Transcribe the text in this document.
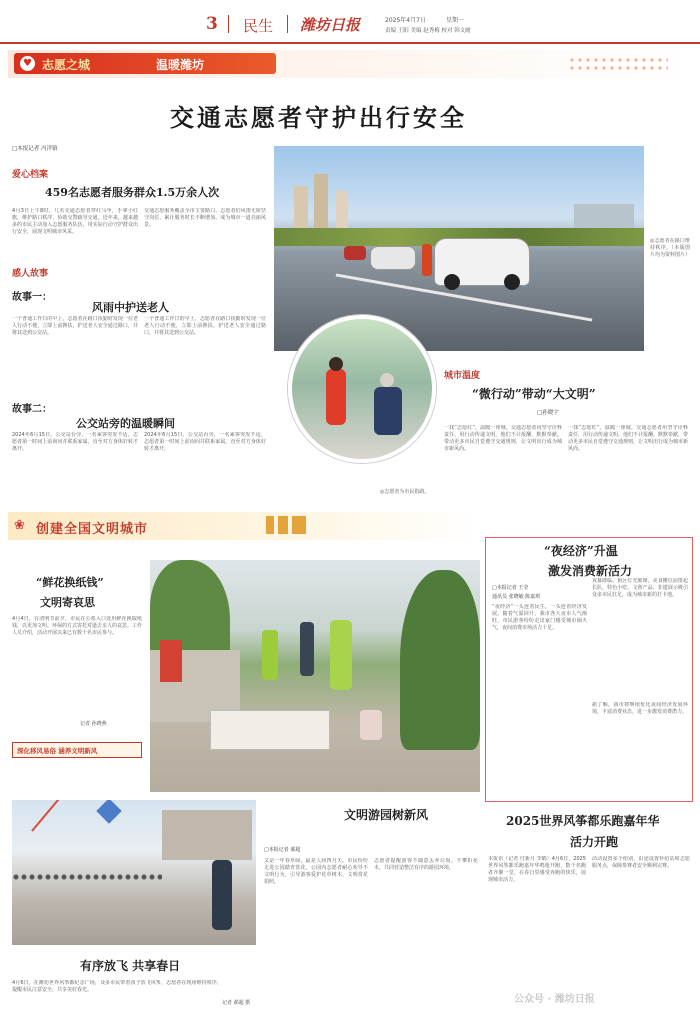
3 民生 潍坊日报	2025年4月7日	星期一
责编 王阳 美编 赵秀梅 校对 韩文耐
♥ 志愿之城	温暖潍坊
交通志愿者守护出行安全
□本报记者 冯洋镇
爱心档案
459名志愿者服务群众1.5万余人次
4月3日上午8时，几名交通志愿者穿红马甲，手拿小红旗，维护路口秩序，协助交警疏导交通。近年来，越来越多的市民主动加入志愿服务队伍，用实际行动守护群众出行安全，展现文明城市风采。
交通志愿服务覆盖全市主要路口，志愿者们风雨无阻坚守岗位，累计服务时长不断增加，成为城市一道亮丽风景。
感人故事
故事一：
风雨中护送老人
一个普通工作日的早上，志愿者在路口执勤时发现一位老人行动不便，立即上前搀扶，护送老人安全通过路口，并将其送到公交站。
一个普通工作日的早上，志愿者在路口执勤时发现一位老人行动不便，立即上前搀扶，护送老人安全通过路口，并将其送到公交站。
故事二：
公交站旁的温暖瞬间
2024年6月15日，公交站台旁，一名乘客突发不适，志愿者第一时间上前询问并联系家属，直至对方身体好转才离开。
2024年6月15日，公交站台旁，一名乘客突发不适，志愿者第一时间上前询问并联系家属，直至对方身体好转才离开。
◎志愿者在路口维持秩序。（本版图片均为资料图片）
◎志愿者为市民指路。
城市温度
“微行动”带动“大文明”
□孙晓宇
一抹“志愿红”，温暖一座城。交通志愿者用坚守诠释责任，用行动传递文明。他们不计报酬，默默奉献，带动更多市民自觉遵守交通规则，让文明出行成为城市新风尚。
一抹“志愿红”，温暖一座城。交通志愿者用坚守诠释责任，用行动传递文明。他们不计报酬，默默奉献，带动更多市民自觉遵守交通规则，让文明出行成为城市新风尚。
❀ 创建全国文明城市
“夜经济”升温
激发消费新活力
□本报记者 王莹
通讯员 张晓敏 陈嘉琪
“夜经济”一头连着民生，一头连着经济发展。随着气温回升，我市各大夜市人气渐旺，市民游客纷纷走出家门感受城市烟火气，夜间消费市场活力十足。
夜幕降临，街区灯光璀璨，美食摊位前排起长队，特色小吃、文创产品、非遗展示吸引众多市民驻足，成为城市新的打卡地。
据了解，我市将继续优化夜间经济发展环境，丰富消费业态，进一步激发消费潜力。
2025世界风筝都乐跑嘉年华
活力开跑
本报讯（记者 付新月 李鹤）4月6日，2025世界风筝都乐跑嘉年华鸣枪开跑，数千名跑者齐聚一堂，在春日里感受奔跑的快乐，展现城市活力。
活动设置多个组别，沿途设置补给站和志愿服务点，保障参赛者安全顺利完赛。
公众号 · 潍坊日报
“鲜花换纸钱”
文明寄哀思
4月4日，在清明节前夕，市民在公墓入口处用鲜花换取纸钱，以更加文明、环保的方式寄托对逝去亲人的哀思。工作人员介绍，活动开展以来已有数千名市民参与。
记者 孙晓燕
深化移风易俗 涵养文明新风
有序放飞 共享春日
4月6日，在潍坊世界风筝都纪念广场，众多市民带着孩子放飞风筝，志愿者在现场维持秩序，提醒市民注意安全，共享美好春光。
记者 郝超 摄
文明游园树新风
□本报记者 郝超
又是一年春草绿，最是人间四月天。市民纷纷走进公园踏青赏花，公园内志愿者耐心劝导不文明行为，引导游客爱护花草树木，文明赏花拍照。
志愿者提醒游客不随意丢弃垃圾，不攀折花木，共同营造整洁有序的游园环境。
